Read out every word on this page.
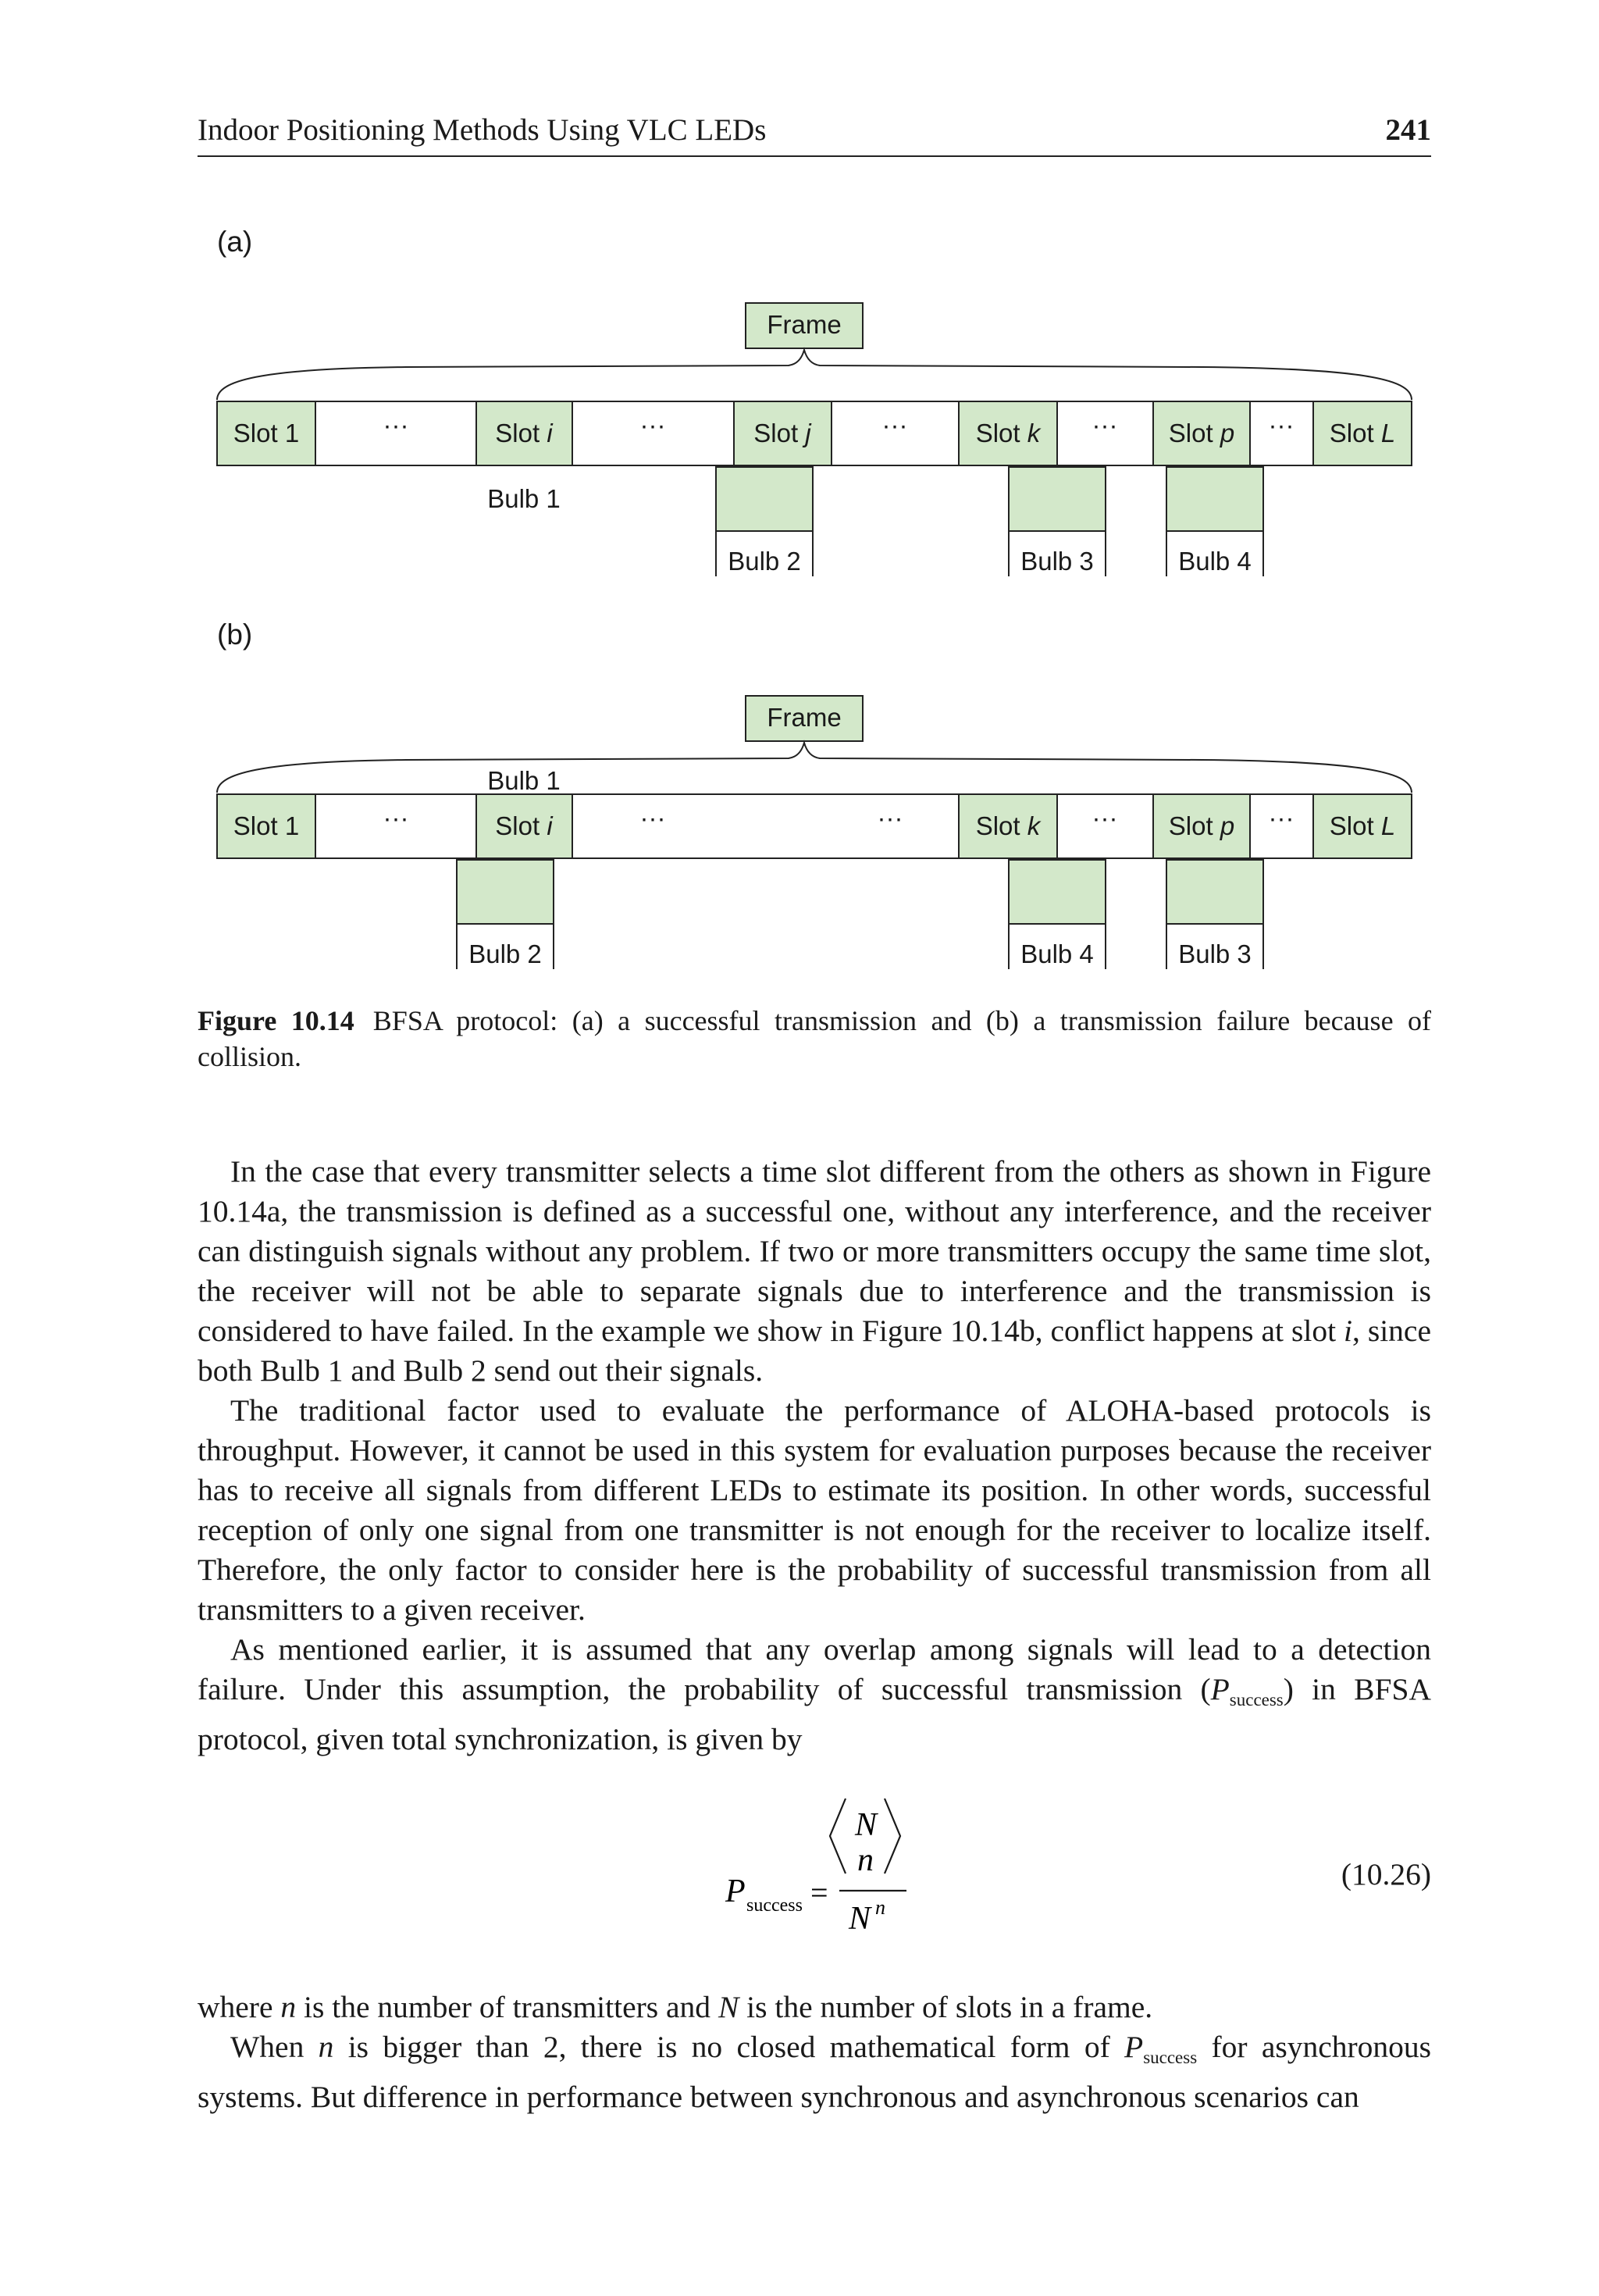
Indoor Positioning Methods Using VLC LEDs	241
(a)
Frame
Slot 1	···	Slot i	···	Slot j	···	Slot k ··· Slot p ··· Slot L
Bulb 1
Bulb 2	Bulb 3	Bulb 4
(b)
Frame
Bulb 1
Slot 1	···	Slot i	···	···	Slot k ··· Slot p ··· Slot L
Bulb 2	Bulb 4	Bulb 3
Figure 10.14 BFSA protocol: (a) a successful transmission and (b) a transmission failure because of collision.

In the case that every transmitter selects a time slot different from the others as shown in Figure 10.14a, the transmission is defined as a successful one, without any interference, and the receiver can distinguish signals without any problem. If two or more transmitters occupy the same time slot, the receiver will not be able to separate signals due to interference and the transmission is considered to have failed. In the example we show in Figure 10.14b, conflict happens at slot i, since both Bulb 1 and Bulb 2 send out their signals.

The traditional factor used to evaluate the performance of ALOHA-based protocols is throughput. However, it cannot be used in this system for evaluation purposes because the receiver has to receive all signals from different LEDs to estimate its position. In other words, successful reception of only one signal from one transmitter is not enough for the receiver to localize itself. Therefore, the only factor to consider here is the probability of successful transmission from all transmitters to a given receiver.

As mentioned earlier, it is assumed that any overlap among signals will lead to a detection failure. Under this assumption, the probability of successful transmission $(P_{success})$ in BFSA protocol, given total synchronization, is given by

P success =
N
n
N n
(10.26)

where n is the number of transmitters and N is the number of slots in a frame.

When n is bigger than 2, there is no closed mathematical form of $P_{success}$ for asynchronous systems. But difference in performance between synchronous and asynchronous scenarios can
